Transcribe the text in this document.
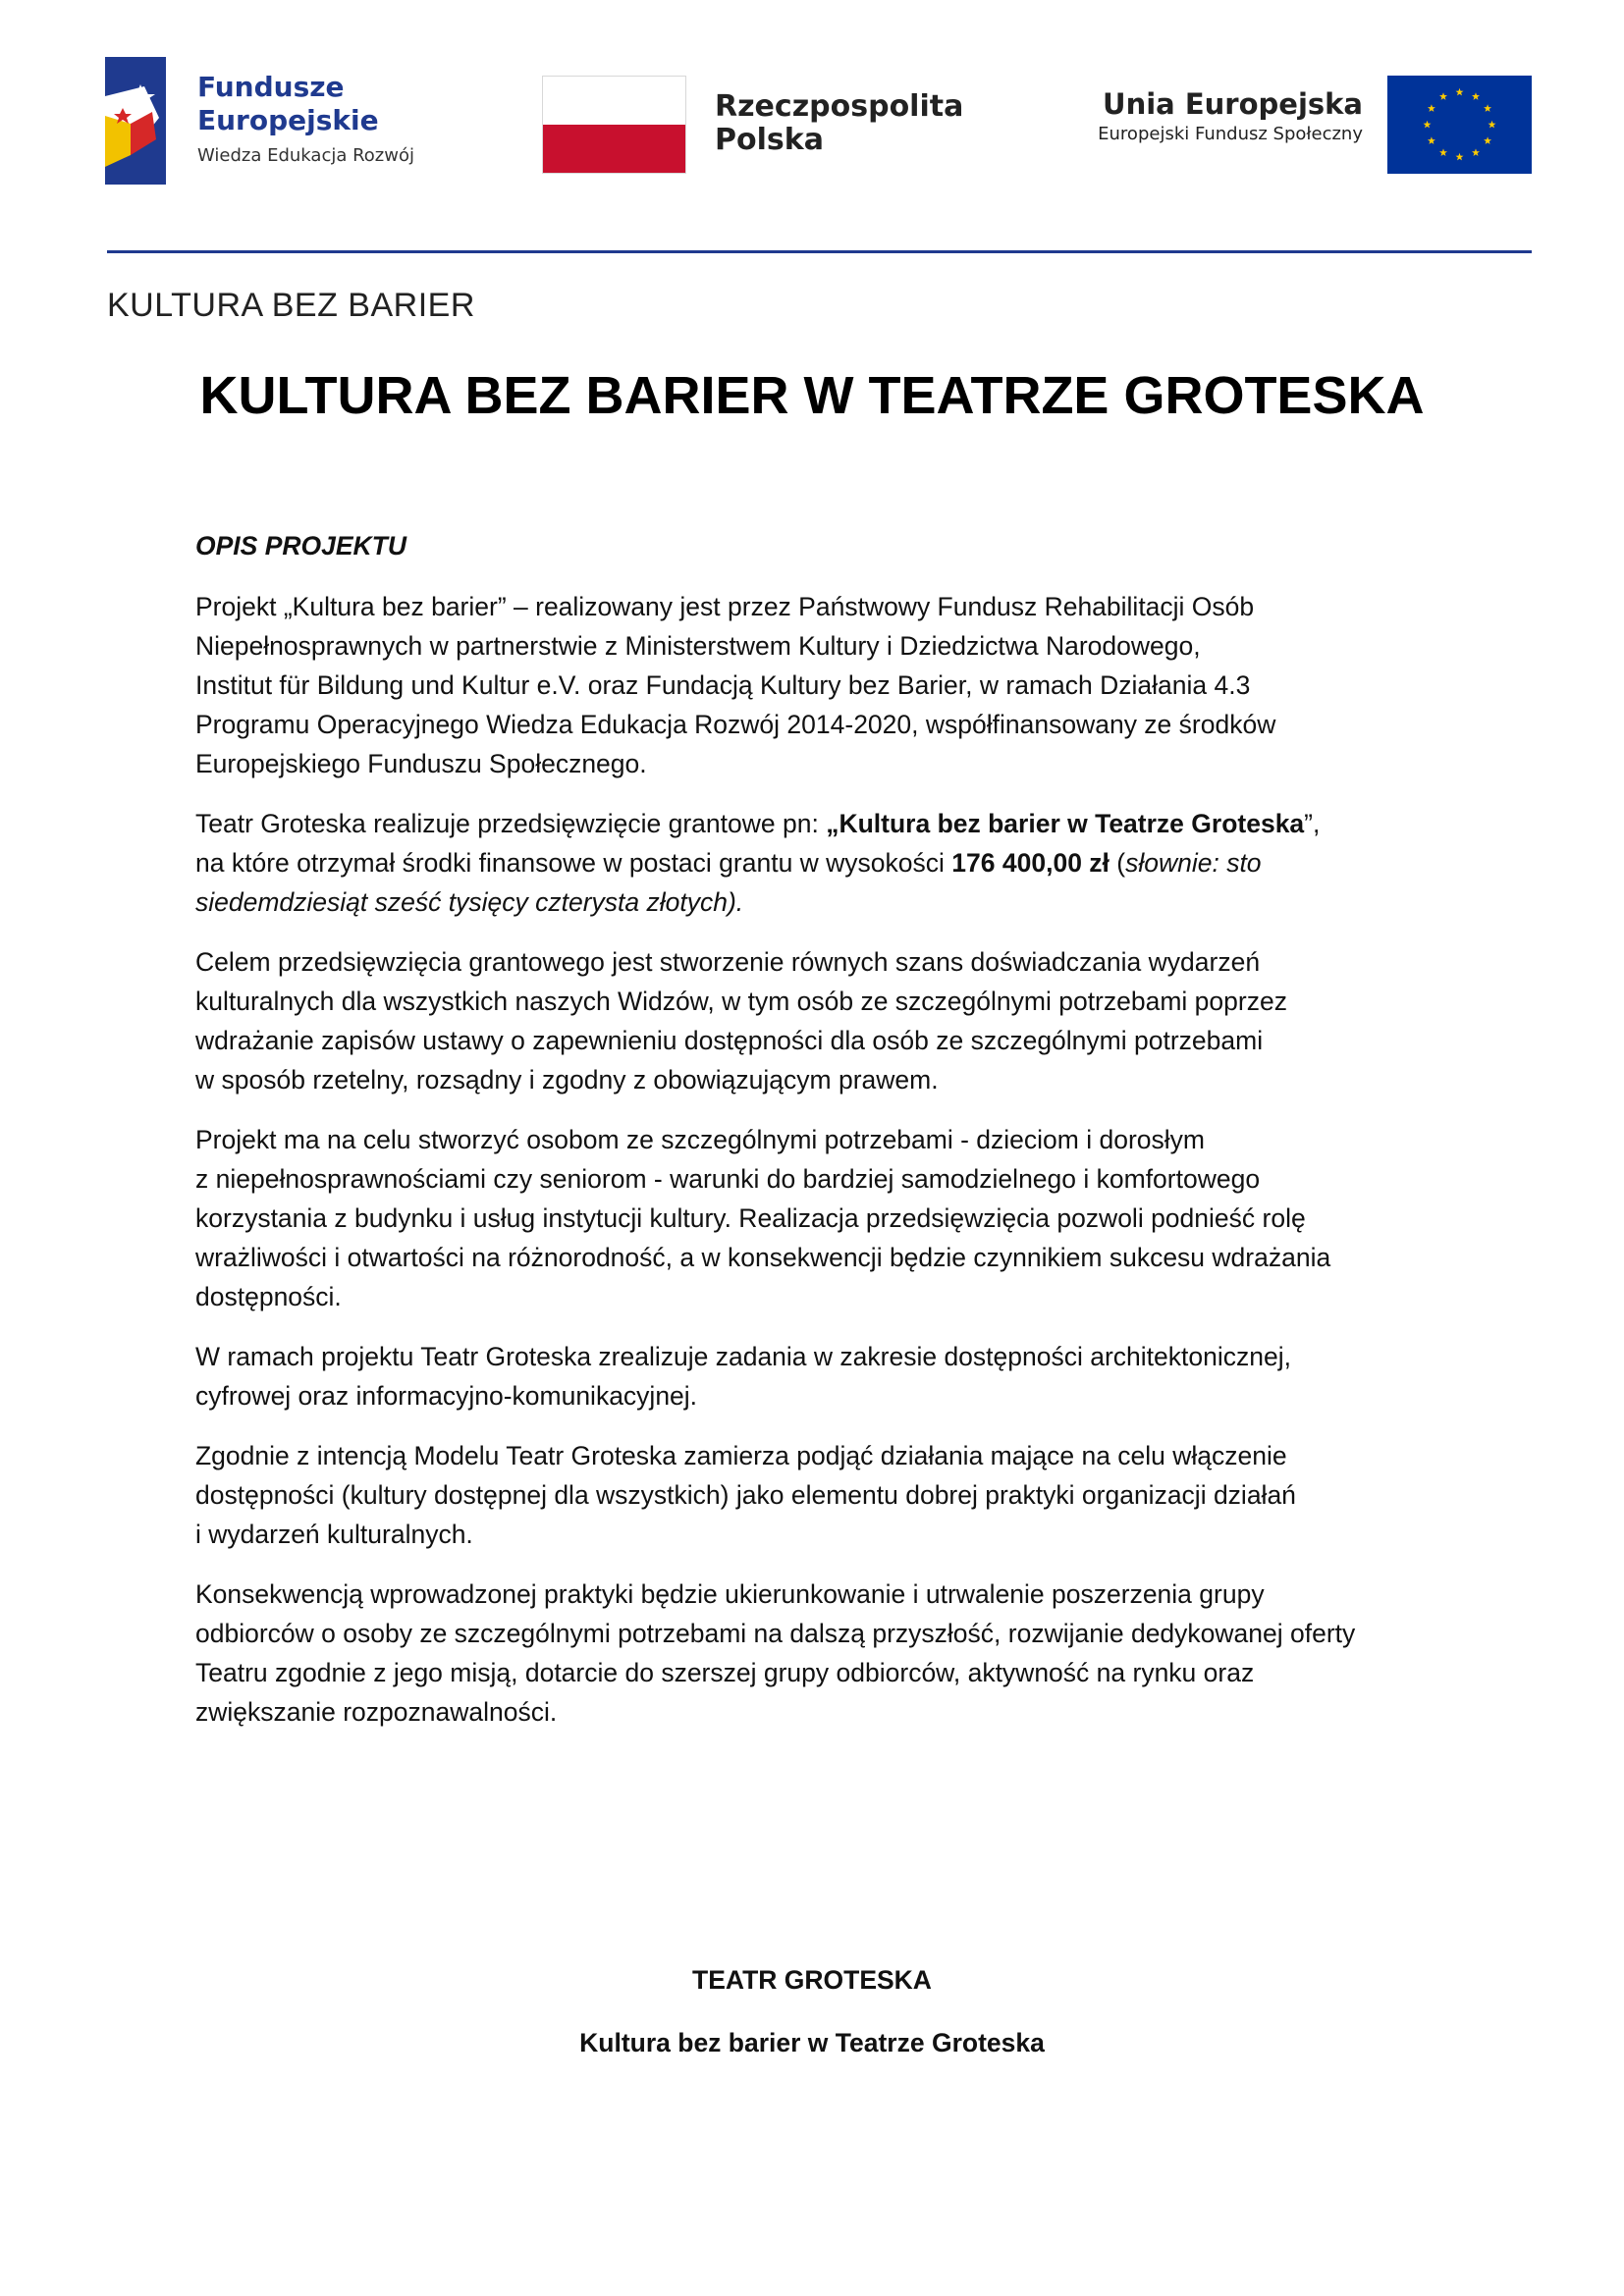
Fundusze
Europejskie
Wiedza Edukacja Rozwój
Rzeczpospolita
Polska
Unia Europejska
Europejski Fundusz Społeczny
KULTURA BEZ BARIER
KULTURA BEZ BARIER W TEATRZE GROTESKA
OPIS PROJEKTU

Projekt „Kultura bez barier” – realizowany jest przez Państwowy Fundusz Rehabilitacji Osób
Niepełnosprawnych w partnerstwie z Ministerstwem Kultury i Dziedzictwa Narodowego,
Institut für Bildung und Kultur e.V. oraz Fundacją Kultury bez Barier, w ramach Działania 4.3
Programu Operacyjnego Wiedza Edukacja Rozwój 2014-2020, współfinansowany ze środków
Europejskiego Funduszu Społecznego.

Teatr Groteska realizuje przedsięwzięcie grantowe pn: „Kultura bez barier w Teatrze Groteska”,
na które otrzymał środki finansowe w postaci grantu w wysokości 176 400,00 zł (słownie: sto
siedemdziesiąt sześć tysięcy czterysta złotych).

Celem przedsięwzięcia grantowego jest stworzenie równych szans doświadczania wydarzeń
kulturalnych dla wszystkich naszych Widzów, w tym osób ze szczególnymi potrzebami poprzez
wdrażanie zapisów ustawy o zapewnieniu dostępności dla osób ze szczególnymi potrzebami
w sposób rzetelny, rozsądny i zgodny z obowiązującym prawem.

Projekt ma na celu stworzyć osobom ze szczególnymi potrzebami - dzieciom i dorosłym
z niepełnosprawnościami czy seniorom - warunki do bardziej samodzielnego i komfortowego
korzystania z budynku i usług instytucji kultury. Realizacja przedsięwzięcia pozwoli podnieść rolę
wrażliwości i otwartości na różnorodność, a w konsekwencji będzie czynnikiem sukcesu wdrażania
dostępności.

W ramach projektu Teatr Groteska zrealizuje zadania w zakresie dostępności architektonicznej,
cyfrowej oraz informacyjno-komunikacyjnej.

Zgodnie z intencją Modelu Teatr Groteska zamierza podjąć działania mające na celu włączenie
dostępności (kultury dostępnej dla wszystkich) jako elementu dobrej praktyki organizacji działań
i wydarzeń kulturalnych.

Konsekwencją wprowadzonej praktyki będzie ukierunkowanie i utrwalenie poszerzenia grupy
odbiorców o osoby ze szczególnymi potrzebami na dalszą przyszłość, rozwijanie dedykowanej oferty
Teatru zgodnie z jego misją, dotarcie do szerszej grupy odbiorców, aktywność na rynku oraz
zwiększanie rozpoznawalności.

TEATR GROTESKA
Kultura bez barier w Teatrze Groteska
